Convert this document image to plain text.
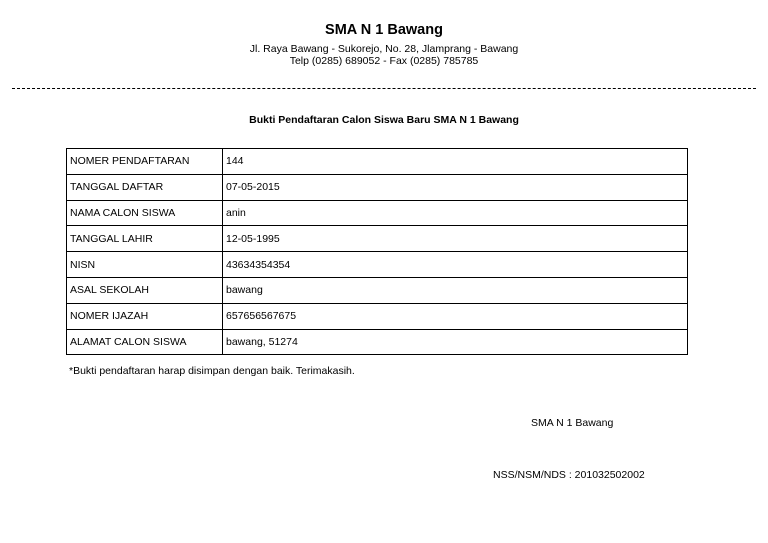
SMA N 1 Bawang
Jl. Raya Bawang - Sukorejo, No. 28, Jlamprang - Bawang
Telp (0285) 689052 - Fax (0285) 785785
Bukti Pendaftaran Calon Siswa Baru SMA N 1 Bawang
NOMER PENDAFTARAN	144
TANGGAL DAFTAR	07-05-2015
NAMA CALON SISWA	anin
TANGGAL LAHIR	12-05-1995
NISN	43634354354
ASAL SEKOLAH	bawang
NOMER IJAZAH	657656567675
ALAMAT CALON SISWA	bawang, 51274
*Bukti pendaftaran harap disimpan dengan baik. Terimakasih.
SMA N 1 Bawang
NSS/NSM/NDS : 201032502002
